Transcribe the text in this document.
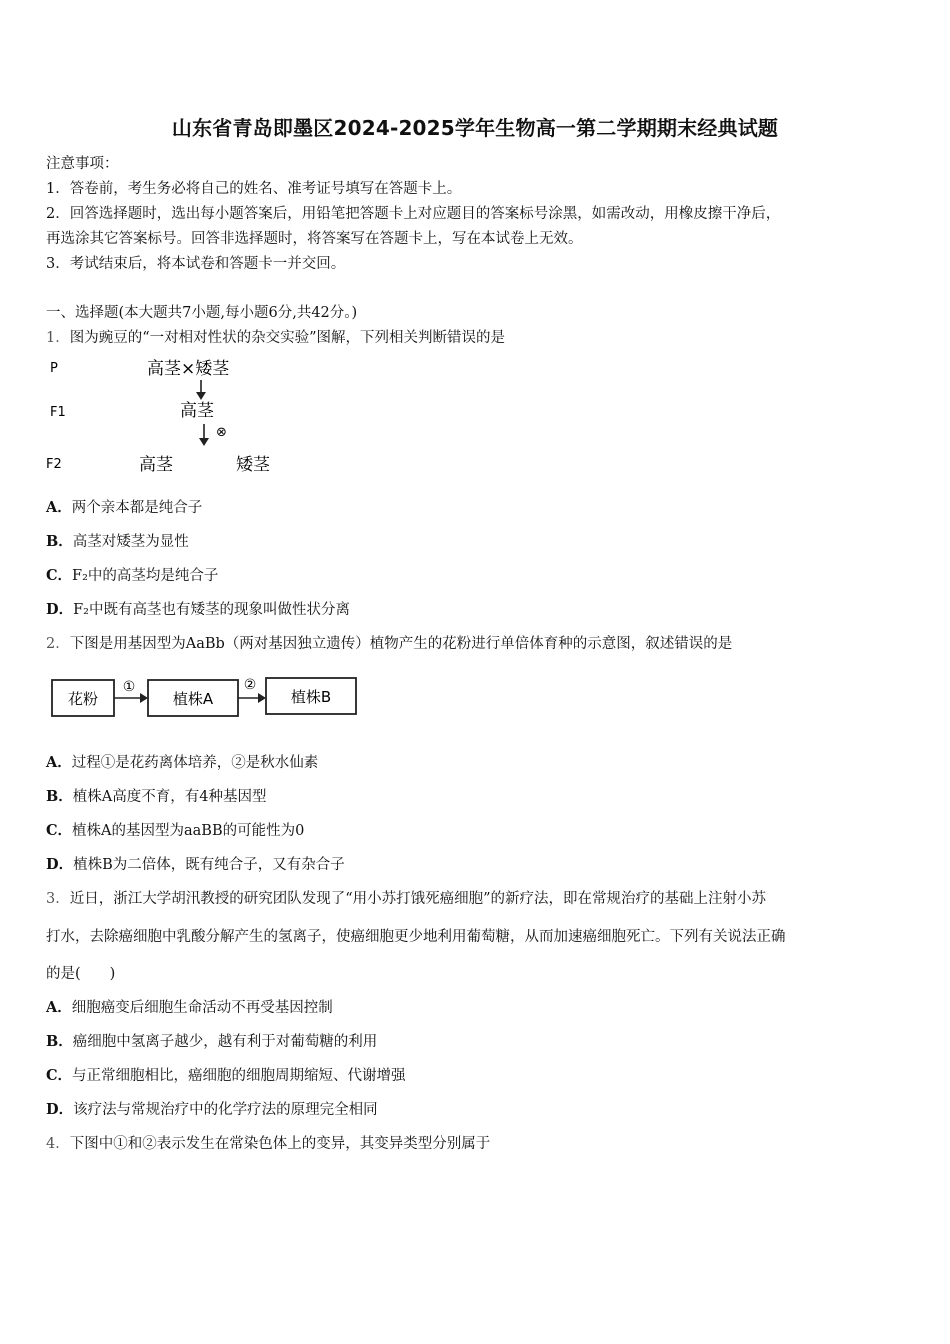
山东省青岛即墨区2024-2025学年生物高一第二学期期末经典试题
注意事项：
1．答卷前，考生务必将自己的姓名、准考证号填写在答题卡上。
2．回答选择题时，选出每小题答案后，用铅笔把答题卡上对应题目的答案标号涂黑，如需改动，用橡皮擦干净后，
再选涂其它答案标号。回答非选择题时，将答案写在答题卡上，写在本试卷上无效。
3．考试结束后，将本试卷和答题卡一并交回。
一、选择题(本大题共7小题,每小题6分,共42分。)
1．图为豌豆的“一对相对性状的杂交实验”图解，下列相关判断错误的是
P
F1
F2
高茎×矮茎
高茎
⊗
高茎	矮茎
A．两个亲本都是纯合子
B．高茎对矮茎为显性
C．F₂中的高茎均是纯合子
D．F₂中既有高茎也有矮茎的现象叫做性状分离
2．下图是用基因型为AaBb（两对基因独立遗传）植物产生的花粉进行单倍体育种的示意图，叙述错误的是
花粉
①
植株A
②
植株B
A．过程①是花药离体培养，②是秋水仙素
B．植株A高度不育，有4种基因型
C．植株A的基因型为aaBB的可能性为0
D．植株B为二倍体，既有纯合子，又有杂合子
3．近日，浙江大学胡汛教授的研究团队发现了“用小苏打饿死癌细胞”的新疗法，即在常规治疗的基础上注射小苏
打水，去除癌细胞中乳酸分解产生的氢离子，使癌细胞更少地利用葡萄糖，从而加速癌细胞死亡。下列有关说法正确
的是(　　)
A．细胞癌变后细胞生命活动不再受基因控制
B．癌细胞中氢离子越少，越有利于对葡萄糖的利用
C．与正常细胞相比，癌细胞的细胞周期缩短、代谢增强
D．该疗法与常规治疗中的化学疗法的原理完全相同
4．下图中①和②表示发生在常染色体上的变异，其变异类型分别属于
